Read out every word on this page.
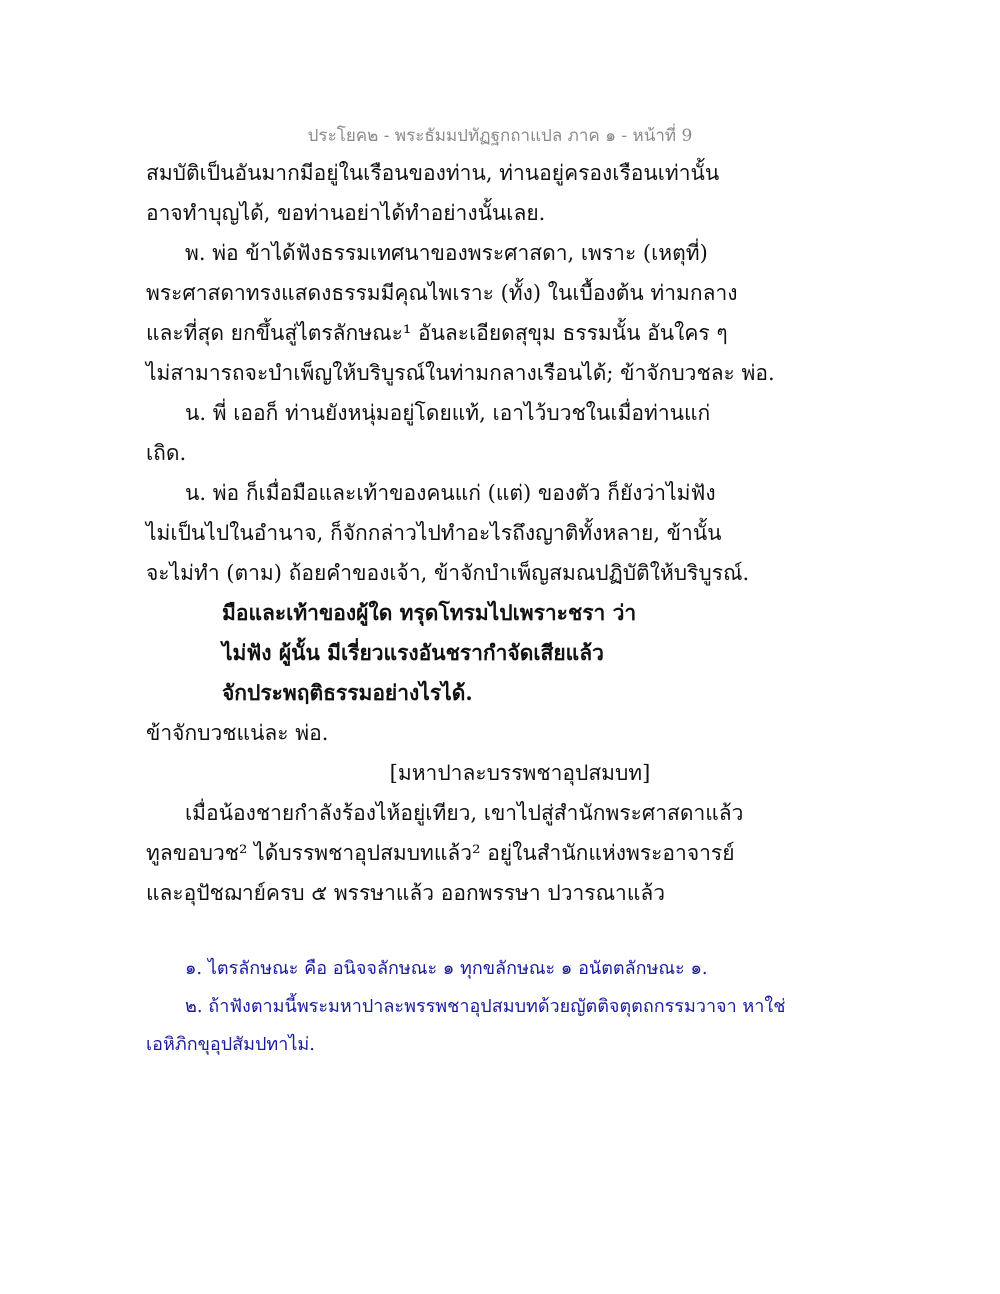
ประโยค๒ - พระธัมมปทัฏฐกถาแปล ภาค ๑ - หน้าที่ 9
สมบัติเป็นอันมากมีอยู่ในเรือนของท่าน, ท่านอยู่ครองเรือนเท่านั้น
อาจทำบุญได้, ขอท่านอย่าได้ทำอย่างนั้นเลย.
พ. พ่อ ข้าได้ฟังธรรมเทศนาของพระศาสดา, เพราะ (เหตุที่)
พระศาสดาทรงแสดงธรรมมีคุณไพเราะ (ทั้ง) ในเบื้องต้น ท่ามกลาง
และที่สุด ยกขึ้นสู่ไตรลักษณะ¹ อันละเอียดสุขุม ธรรมนั้น อันใคร ๆ
ไม่สามารถจะบำเพ็ญให้บริบูรณ์ในท่ามกลางเรือนได้; ข้าจักบวชละ พ่อ.
น. พี่ เออก็ ท่านยังหนุ่มอยู่โดยแท้, เอาไว้บวชในเมื่อท่านแก่
เถิด.
น. พ่อ ก็เมื่อมือและเท้าของคนแก่ (แต่) ของตัว ก็ยังว่าไม่ฟัง
ไม่เป็นไปในอำนาจ, ก็จักกล่าวไปทำอะไรถึงญาติทั้งหลาย, ข้านั้น
จะไม่ทำ (ตาม) ถ้อยคำของเจ้า, ข้าจักบำเพ็ญสมณปฏิบัติให้บริบูรณ์.
มือและเท้าของผู้ใด ทรุดโทรมไปเพราะชรา ว่า
ไม่ฟัง ผู้นั้น มีเรี่ยวแรงอันชรากำจัดเสียแล้ว
จักประพฤติธรรมอย่างไรได้.
ข้าจักบวชแน่ละ พ่อ.
[มหาปาละบรรพชาอุปสมบท]
เมื่อน้องชายกำลังร้องไห้อยู่เทียว, เขาไปสู่สำนักพระศาสดาแล้ว
ทูลขอบวช² ได้บรรพชาอุปสมบทแล้ว² อยู่ในสำนักแห่งพระอาจารย์
และอุปัชฌาย์ครบ ๕ พรรษาแล้ว ออกพรรษา ปวารณาแล้ว
๑. ไตรลักษณะ คือ อนิจจลักษณะ ๑ ทุกขลักษณะ ๑ อนัตตลักษณะ ๑.
๒. ถ้าฟังตามนี้พระมหาปาละพรรพชาอุปสมบทด้วยญัตติจตุตถกรรมวาจา หาใช่
เอหิภิกขุอุปสัมปทาไม่.
